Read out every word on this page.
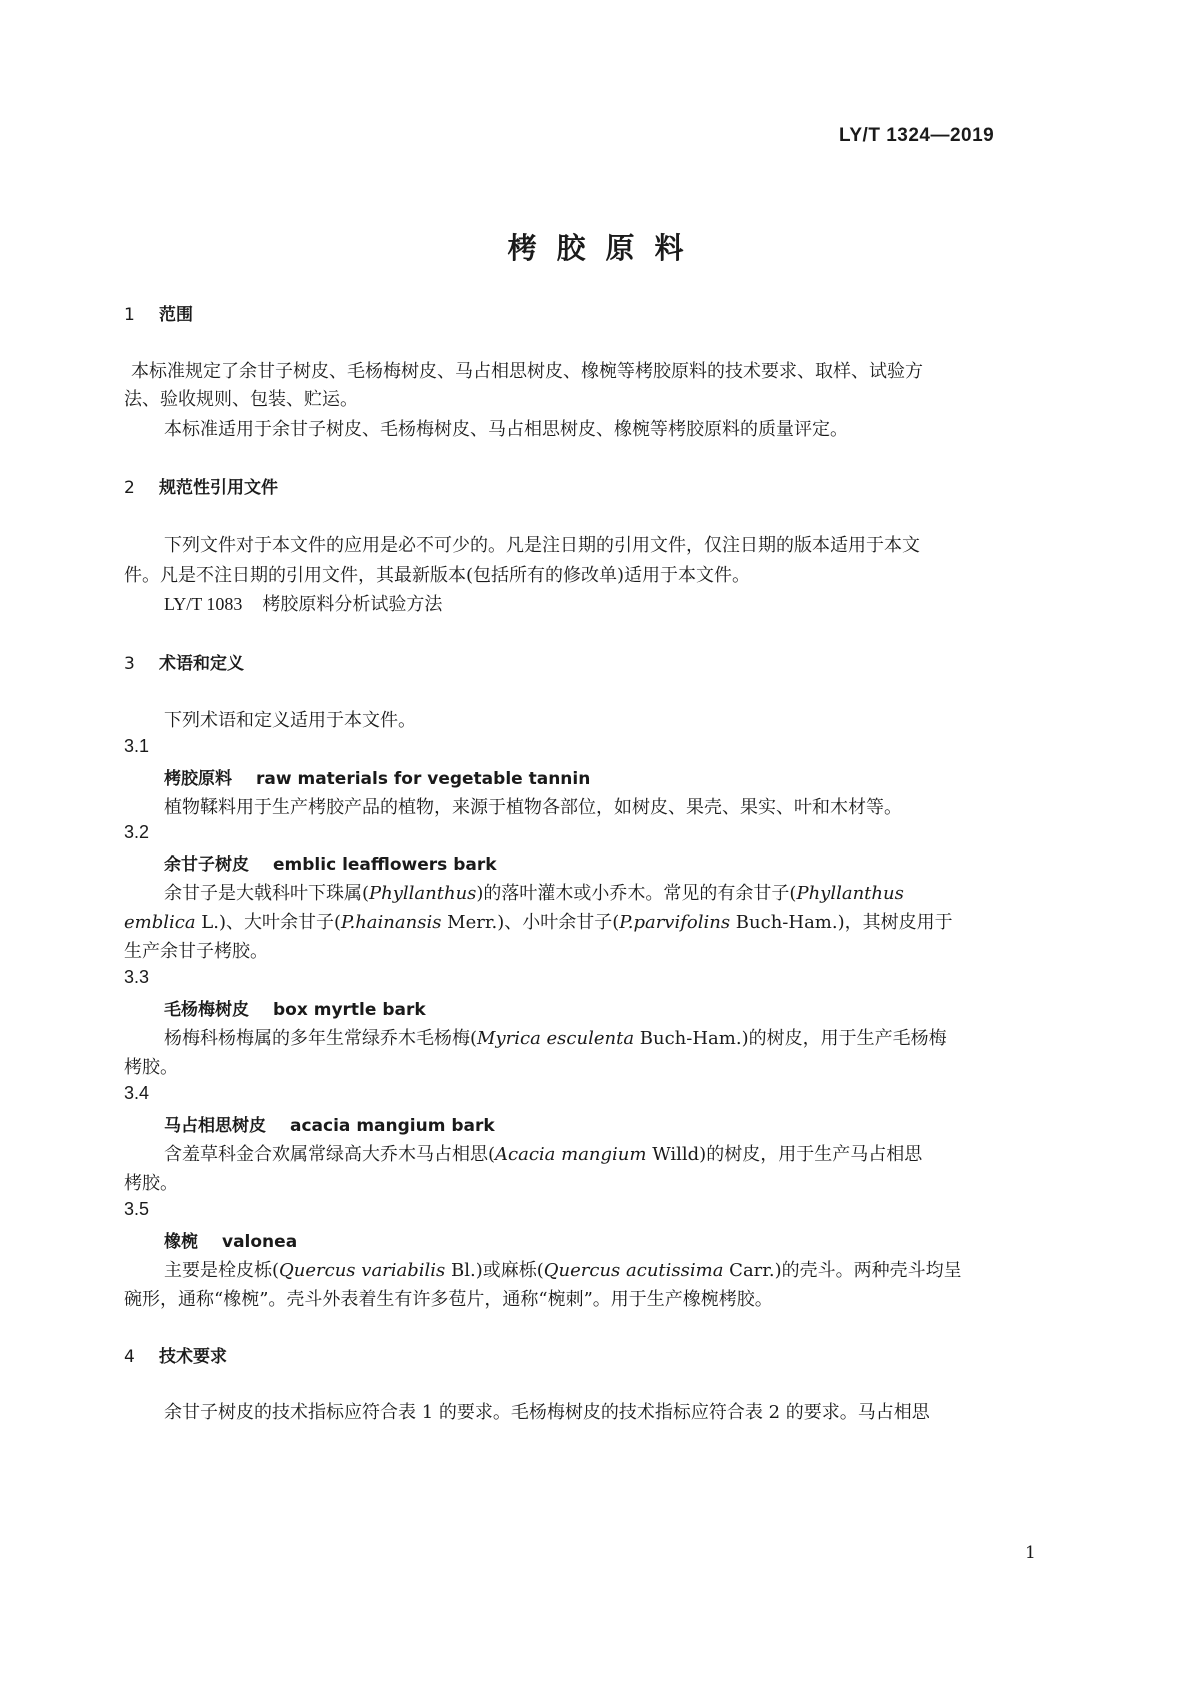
LY/T 1324—2019
栲胶原料
1 范围
本标准规定了余甘子树皮、毛杨梅树皮、马占相思树皮、橡椀等栲胶原料的技术要求、取样、试验方
法、验收规则、包装、贮运。
本标准适用于余甘子树皮、毛杨梅树皮、马占相思树皮、橡椀等栲胶原料的质量评定。
2 规范性引用文件
下列文件对于本文件的应用是必不可少的。凡是注日期的引用文件，仅注日期的版本适用于本文
件。凡是不注日期的引用文件，其最新版本(包括所有的修改单)适用于本文件。
LY/T 1083 栲胶原料分析试验方法
3 术语和定义
下列术语和定义适用于本文件。
3.1
栲胶原料 raw materials for vegetable tannin
植物鞣料用于生产栲胶产品的植物，来源于植物各部位，如树皮、果壳、果实、叶和木材等。
3.2
余甘子树皮 emblic leafflowers bark
余甘子是大戟科叶下珠属(Phyllanthus)的落叶灌木或小乔木。常见的有余甘子(Phyllanthus
emblica L.)、大叶余甘子(P.hainansis Merr.)、小叶余甘子(P.parvifolins Buch-Ham.)，其树皮用于
生产余甘子栲胶。
3.3
毛杨梅树皮 box myrtle bark
杨梅科杨梅属的多年生常绿乔木毛杨梅(Myrica esculenta Buch-Ham.)的树皮，用于生产毛杨梅
栲胶。
3.4
马占相思树皮 acacia mangium bark
含羞草科金合欢属常绿高大乔木马占相思(Acacia mangium Willd)的树皮，用于生产马占相思
栲胶。
3.5
橡椀 valonea
主要是栓皮栎(Quercus variabilis Bl.)或麻栎(Quercus acutissima Carr.)的壳斗。两种壳斗均呈
碗形，通称“橡椀”。壳斗外表着生有许多苞片，通称“椀刺”。用于生产橡椀栲胶。
4 技术要求
余甘子树皮的技术指标应符合表 1 的要求。毛杨梅树皮的技术指标应符合表 2 的要求。马占相思
1
